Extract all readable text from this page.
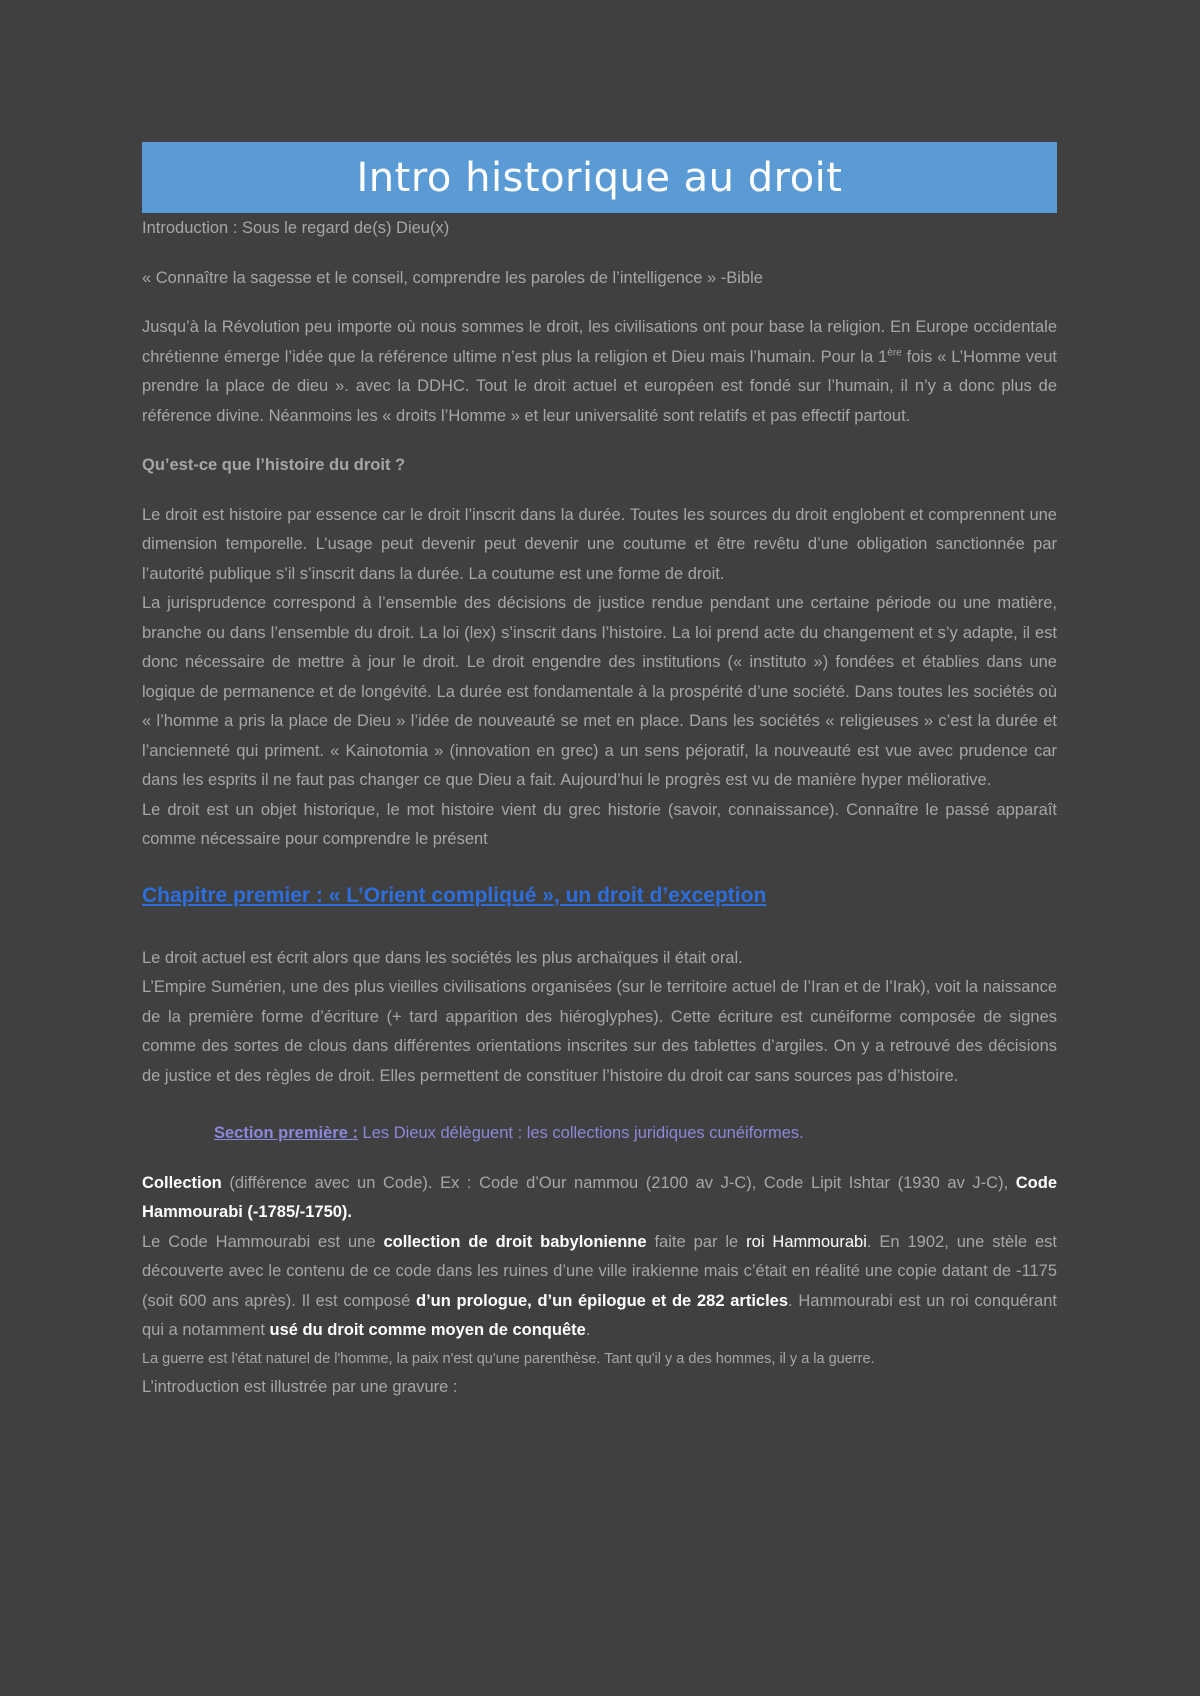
Intro historique au droit

Introduction : Sous le regard de(s) Dieu(x)

« Connaître la sagesse et le conseil, comprendre les paroles de l’intelligence » -Bible

Jusqu’à la Révolution peu importe où nous sommes le droit, les civilisations ont pour base la religion. En Europe occidentale chrétienne émerge l’idée que la référence ultime n’est plus la religion et Dieu mais l’humain. Pour la 1ère fois « L’Homme veut prendre la place de dieu ». avec la DDHC. Tout le droit actuel et européen est fondé sur l’humain, il n’y a donc plus de référence divine. Néanmoins les « droits l’Homme » et leur universalité sont relatifs et pas effectif partout.

Qu’est-ce que l’histoire du droit ?

Le droit est histoire par essence car le droit l’inscrit dans la durée. Toutes les sources du droit englobent et comprennent une dimension temporelle. L’usage peut devenir peut devenir une coutume et être revêtu d’une obligation sanctionnée par l’autorité publique s’il s’inscrit dans la durée. La coutume est une forme de droit.

La jurisprudence correspond à l’ensemble des décisions de justice rendue pendant une certaine période ou une matière, branche ou dans l’ensemble du droit. La loi (lex) s’inscrit dans l’histoire. La loi prend acte du changement et s’y adapte, il est donc nécessaire de mettre à jour le droit. Le droit engendre des institutions (« instituto ») fondées et établies dans une logique de permanence et de longévité. La durée est fondamentale à la prospérité d’une société. Dans toutes les sociétés où « l’homme a pris la place de Dieu » l’idée de nouveauté se met en place. Dans les sociétés « religieuses » c’est la durée et l’ancienneté qui priment. « Kainotomia » (innovation en grec) a un sens péjoratif, la nouveauté est vue avec prudence car dans les esprits il ne faut pas changer ce que Dieu a fait. Aujourd’hui le progrès est vu de manière hyper méliorative.

Le droit est un objet historique, le mot histoire vient du grec historie (savoir, connaissance). Connaître le passé apparaît comme nécessaire pour comprendre le présent

Chapitre premier : « L’Orient compliqué », un droit d’exception

Le droit actuel est écrit alors que dans les sociétés les plus archaïques il était oral.

L’Empire Sumérien, une des plus vieilles civilisations organisées (sur le territoire actuel de l’Iran et de l’Irak), voit la naissance de la première forme d’écriture (+ tard apparition des hiéroglyphes). Cette écriture est cunéiforme composée de signes comme des sortes de clous dans différentes orientations inscrites sur des tablettes d’argiles. On y a retrouvé des décisions de justice et des règles de droit. Elles permettent de constituer l’histoire du droit car sans sources pas d’histoire.

Section première : Les Dieux délèguent : les collections juridiques cunéiformes.

Collection (différence avec un Code). Ex : Code d’Our nammou (2100 av J-C), Code Lipit Ishtar (1930 av J-C), Code Hammourabi (-1785/-1750).

Le Code Hammourabi est une collection de droit babylonienne faite par le roi Hammourabi. En 1902, une stèle est découverte avec le contenu de ce code dans les ruines d’une ville irakienne mais c’était en réalité une copie datant de -1175 (soit 600 ans après). Il est composé d’un prologue, d’un épilogue et de 282 articles. Hammourabi est un roi conquérant qui a notamment usé du droit comme moyen de conquête.

La guerre est l'état naturel de l'homme, la paix n'est qu'une parenthèse. Tant qu'il y a des hommes, il y a la guerre.

L’introduction est illustrée par une gravure :
